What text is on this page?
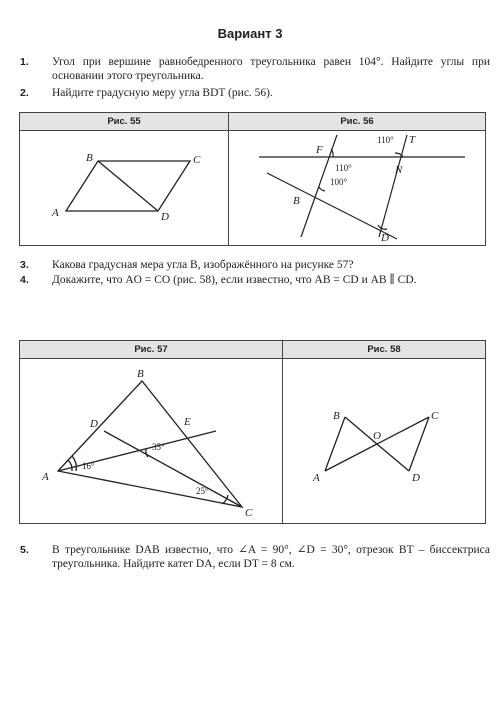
Вариант 3
1. Угол при вершине равнобедренного треугольника равен 104°. Найдите углы при основании этого треугольника.
2. Найдите градусную меру угла BDT (рис. 56).
Рис. 55	Рис. 56
A
B	C
D
F
T
N
B
D
110°
110°
100°
3. Какова градусная мера угла B, изображённого на рисунке 57?
4. Докажите, что AO = CO (рис. 58), если известно, что AB = CD и AB ∥ CD.
Рис. 57	Рис. 58
B
D	E
A
C
16°
35°
25°
B	C
A	D
O
5. В треугольнике DAB известно, что ∠A = 90°, ∠D = 30°, отрезок BT – биссектриса треугольника. Найдите катет DA, если DT = 8 см.
